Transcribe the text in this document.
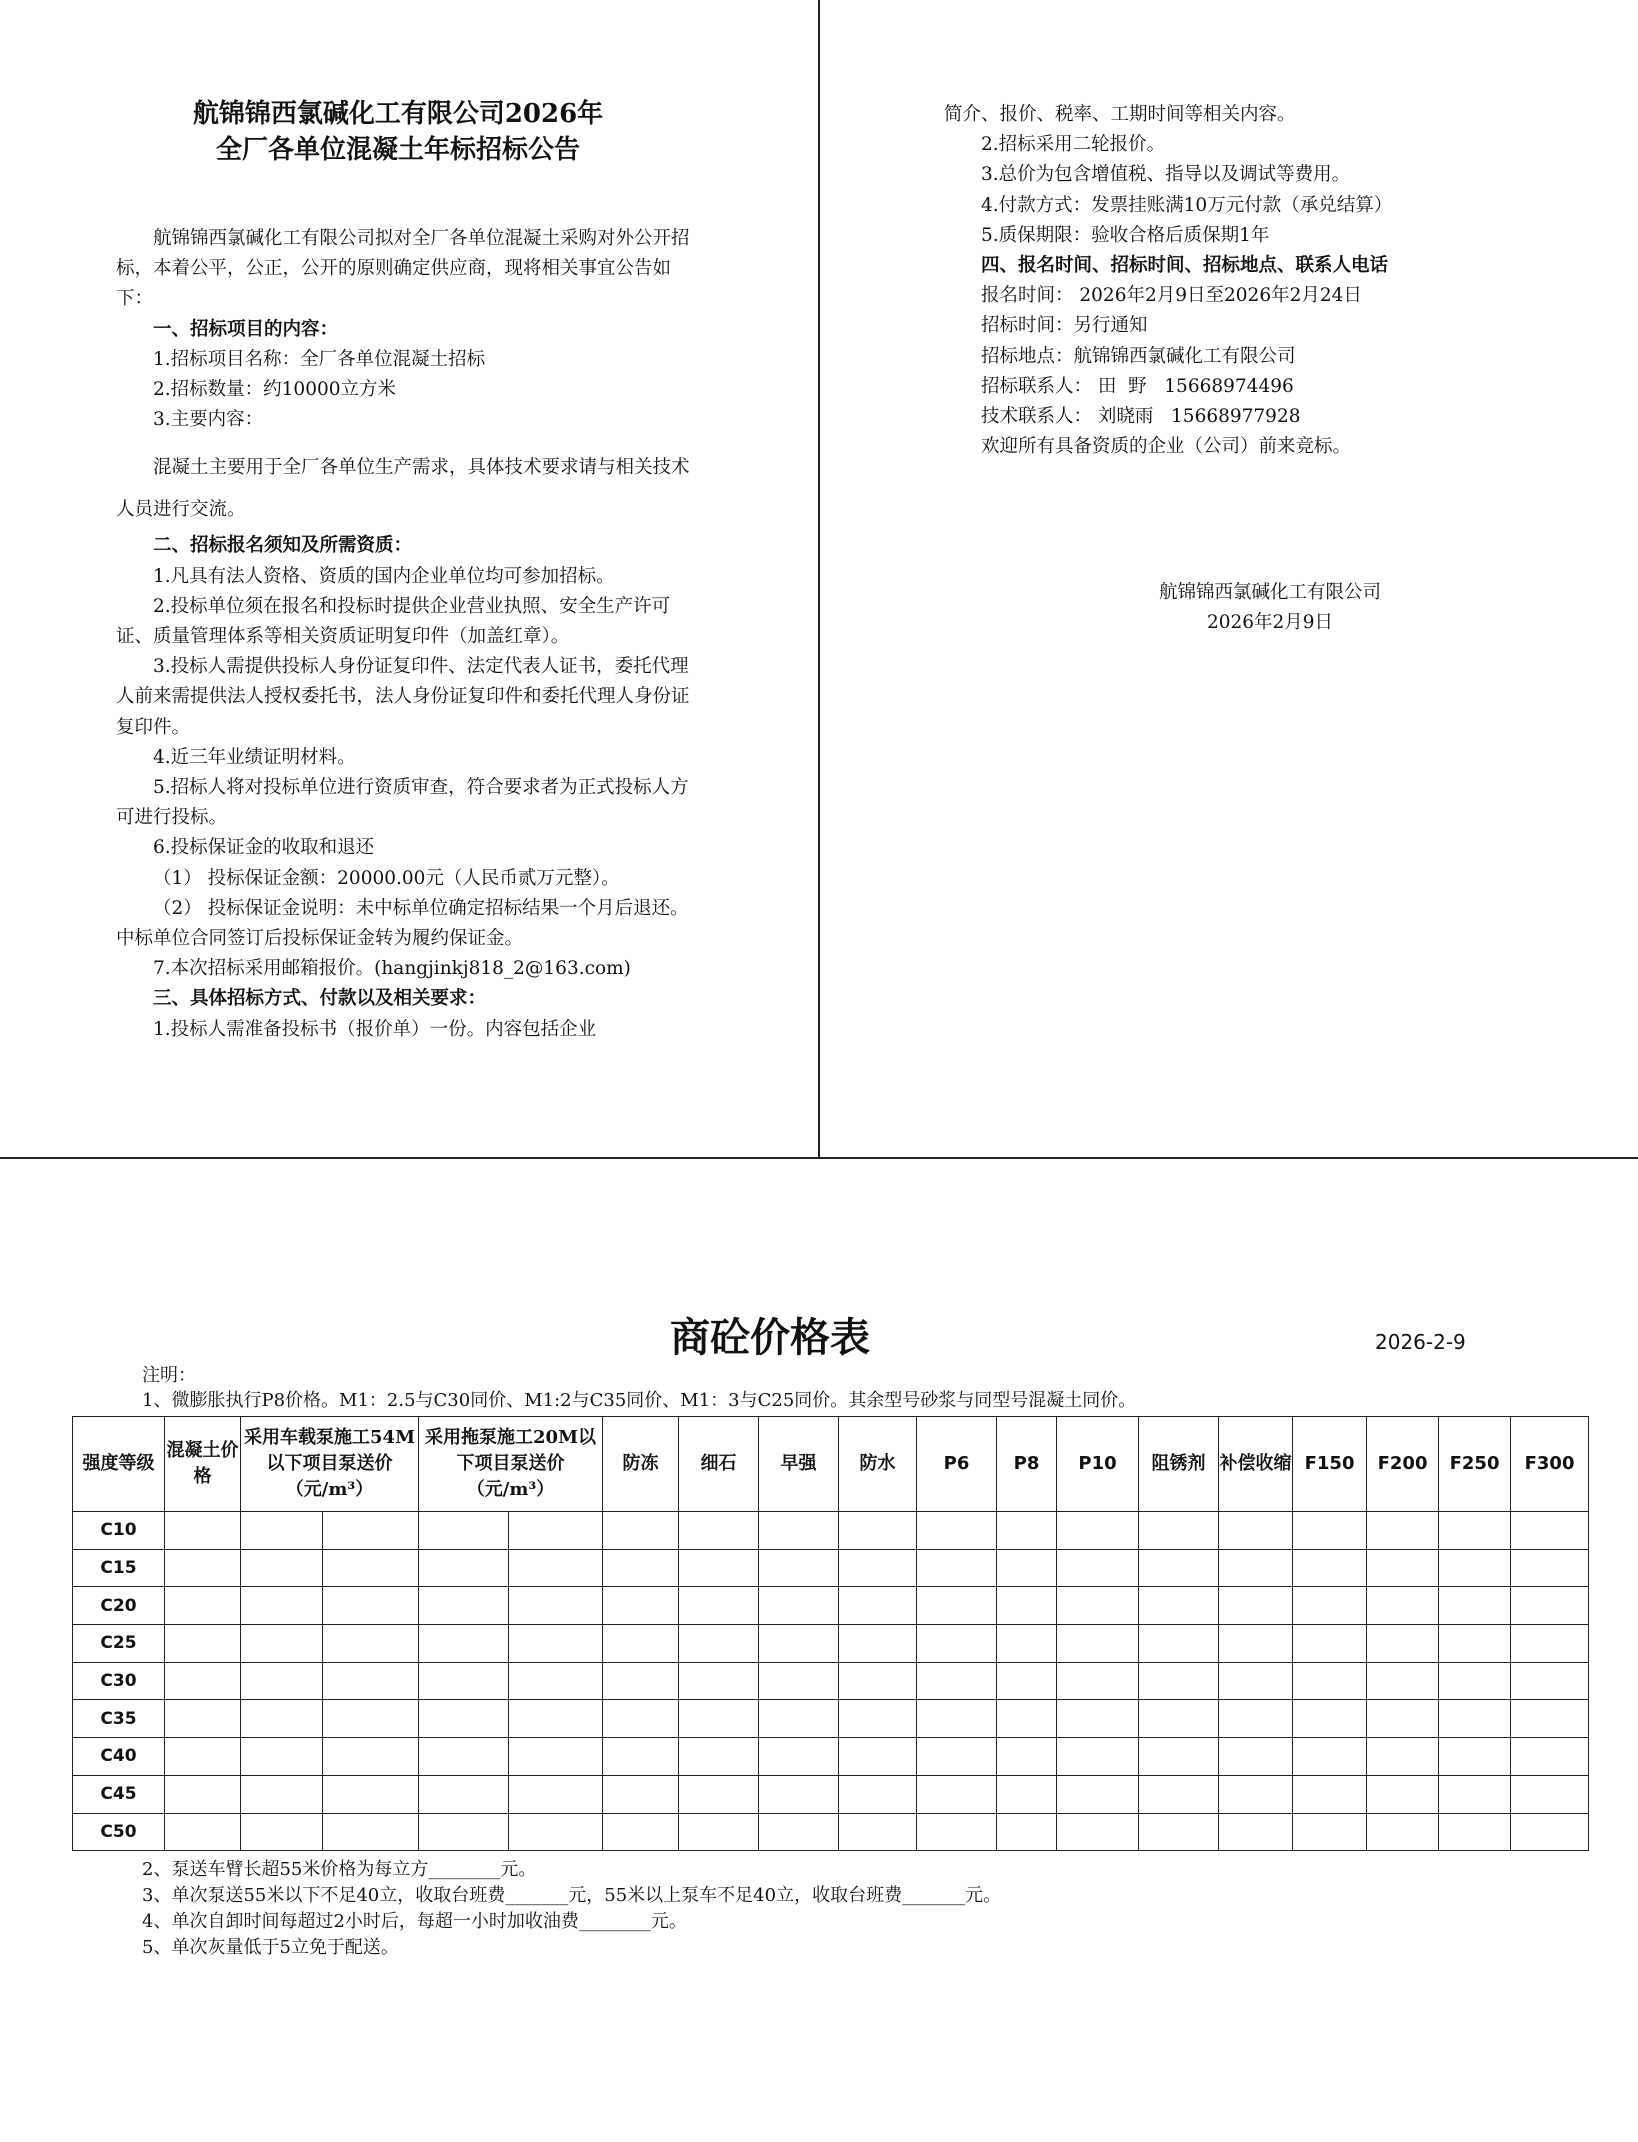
航锦锦西氯碱化工有限公司2026年
全厂各单位混凝土年标招标公告

航锦锦西氯碱化工有限公司拟对全厂各单位混凝土采购对外公开招标，本着公平，公正，公开的原则确定供应商，现将相关事宜公告如下：

一、招标项目的内容：

1.招标项目名称：全厂各单位混凝土招标

2.招标数量：约10000立方米

3.主要内容：

混凝土主要用于全厂各单位生产需求，具体技术要求请与相关技术人员进行交流。

二、招标报名须知及所需资质：

1.凡具有法人资格、资质的国内企业单位均可参加招标。

2.投标单位须在报名和投标时提供企业营业执照、安全生产许可证、质量管理体系等相关资质证明复印件（加盖红章）。

3.投标人需提供投标人身份证复印件、法定代表人证书，委托代理人前来需提供法人授权委托书，法人身份证复印件和委托代理人身份证复印件。

4.近三年业绩证明材料。

5.招标人将对投标单位进行资质审查，符合要求者为正式投标人方可进行投标。

6.投标保证金的收取和退还

（1） 投标保证金额：20000.00元（人民币贰万元整）。

（2） 投标保证金说明：未中标单位确定招标结果一个月后退还。中标单位合同签订后投标保证金转为履约保证金。

7.本次招标采用邮箱报价。(hangjinkj818_2@163.com)

三、具体招标方式、付款以及相关要求：

1.投标人需准备投标书（报价单）一份。内容包括企业

简介、报价、税率、工期时间等相关内容。

2.招标采用二轮报价。

3.总价为包含增值税、指导以及调试等费用。

4.付款方式：发票挂账满10万元付款（承兑结算）

5.质保期限：验收合格后质保期1年

四、报名时间、招标时间、招标地点、联系人电话

报名时间： 2026年2月9日至2026年2月24日

招标时间：另行通知

招标地点：航锦锦西氯碱化工有限公司

招标联系人： 田  野   15668974496

技术联系人： 刘晓雨   15668977928

欢迎所有具备资质的企业（公司）前来竞标。

航锦锦西氯碱化工有限公司
2026年2月9日
商砼价格表	2026-2-9
注明：
1、微膨胀执行P8价格。M1：2.5与C30同价、M1:2与C35同价、M1：3与C25同价。其余型号砂浆与同型号混凝土同价。
强度等级	混凝土价格	采用车载泵施工54M以下项目泵送价（元/m³）		采用拖泵施工20M以下项目泵送价（元/m³）		防冻	细石	早强	防水	P6	P8	P10	阻锈剂	补偿收缩	F150	F200	F250	F300
C10																		
C15																		
C20																		
C25																		
C30																		
C35																		
C40																		
C45																		
C50																		
2、泵送车臂长超55米价格为每立方________元。
3、单次泵送55米以下不足40立，收取台班费_______元，55米以上泵车不足40立，收取台班费_______元。
4、单次自卸时间每超过2小时后，每超一小时加收油费________元。
5、单次灰量低于5立免于配送。
